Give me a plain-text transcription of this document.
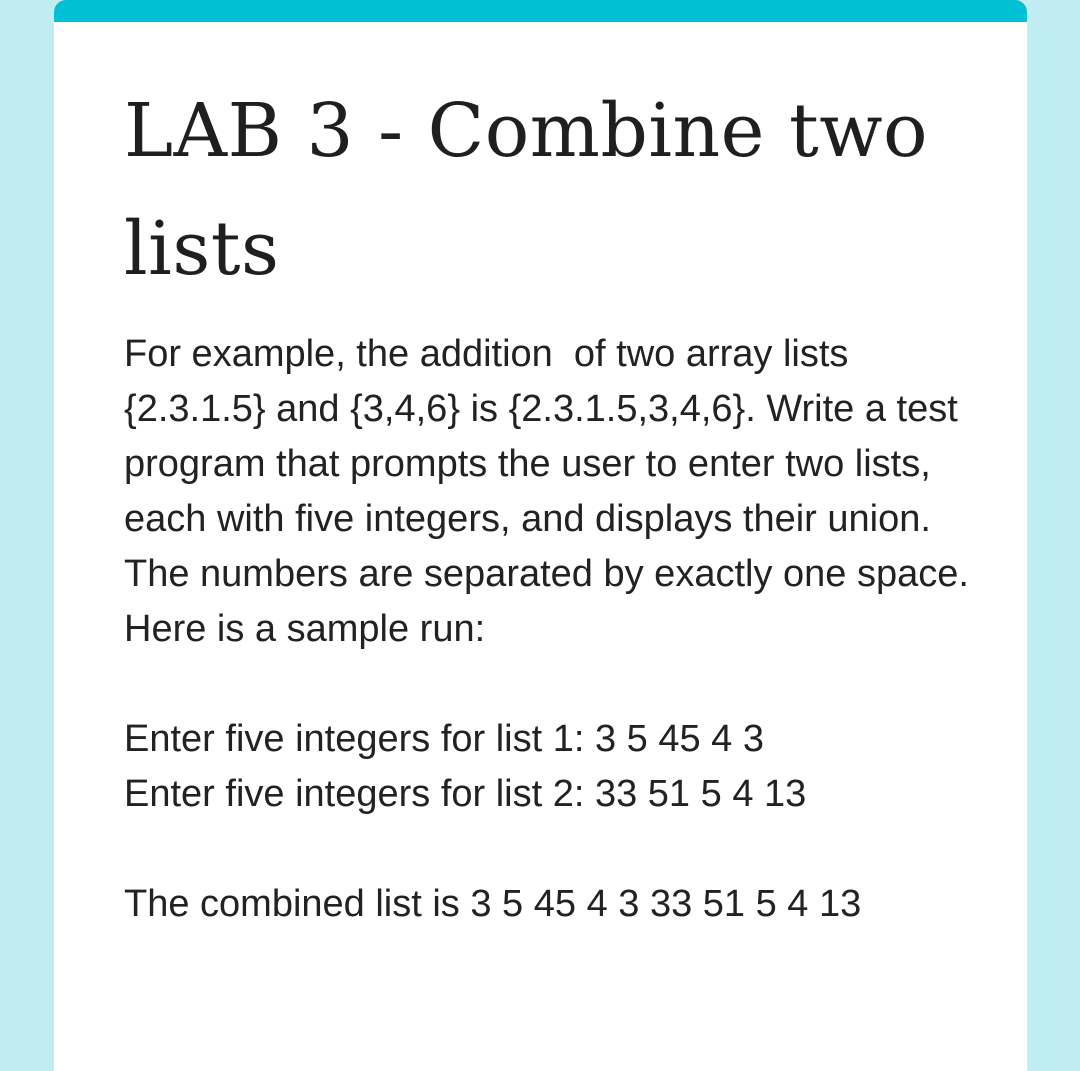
LAB 3 - Combine two lists

For example, the addition  of two array lists {2.3.1.5} and {3,4,6} is {2.3.1.5,3,4,6}. Write a test program that prompts the user to enter two lists, each with five integers, and displays their union. The numbers are separated by exactly one space. Here is a sample run:

Enter five integers for list 1: 3 5 45 4 3
Enter five integers for list 2: 33 51 5 4 13

The combined list is 3 5 45 4 3 33 51 5 4 13
